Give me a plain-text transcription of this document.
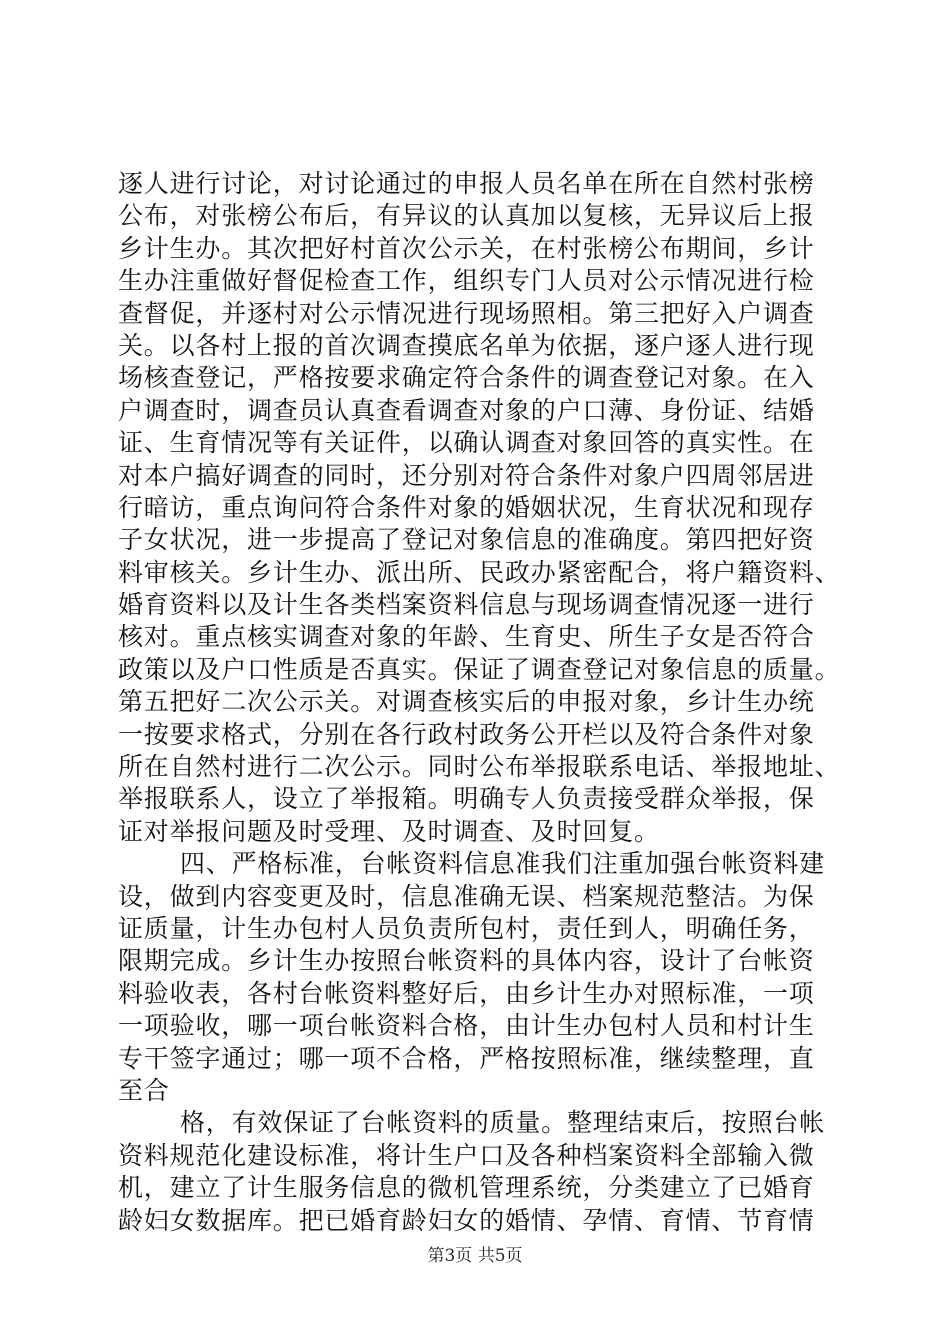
逐人进行讨论，对讨论通过的申报人员名单在所在自然村张榜
公布，对张榜公布后，有异议的认真加以复核，无异议后上报
乡计生办。其次把好村首次公示关，在村张榜公布期间，乡计
生办注重做好督促检查工作，组织专门人员对公示情况进行检
查督促，并逐村对公示情况进行现场照相。第三把好入户调查
关。以各村上报的首次调查摸底名单为依据，逐户逐人进行现
场核查登记，严格按要求确定符合条件的调查登记对象。在入
户调查时，调查员认真查看调查对象的户口薄、身份证、结婚
证、生育情况等有关证件，以确认调查对象回答的真实性。在
对本户搞好调查的同时，还分别对符合条件对象户四周邻居进
行暗访，重点询问符合条件对象的婚姻状况，生育状况和现存
子女状况，进一步提高了登记对象信息的准确度。第四把好资
料审核关。乡计生办、派出所、民政办紧密配合，将户籍资料、
婚育资料以及计生各类档案资料信息与现场调查情况逐一进行
核对。重点核实调查对象的年龄、生育史、所生子女是否符合
政策以及户口性质是否真实。保证了调查登记对象信息的质量。
第五把好二次公示关。对调查核实后的申报对象，乡计生办统
一按要求格式，分别在各行政村政务公开栏以及符合条件对象
所在自然村进行二次公示。同时公布举报联系电话、举报地址、
举报联系人，设立了举报箱。明确专人负责接受群众举报，保
证对举报问题及时受理、及时调查、及时回复。
四、严格标准，台帐资料信息准我们注重加强台帐资料建
设，做到内容变更及时，信息准确无误、档案规范整洁。为保
证质量，计生办包村人员负责所包村，责任到人，明确任务，
限期完成。乡计生办按照台帐资料的具体内容，设计了台帐资
料验收表，各村台帐资料整好后，由乡计生办对照标准，一项
一项验收，哪一项台帐资料合格，由计生办包村人员和村计生
专干签字通过；哪一项不合格，严格按照标准，继续整理，直
至合
格，有效保证了台帐资料的质量。整理结束后，按照台帐
资料规范化建设标准，将计生户口及各种档案资料全部输入微
机，建立了计生服务信息的微机管理系统，分类建立了已婚育
龄妇女数据库。把已婚育龄妇女的婚情、孕情、育情、节育情
第3页 共5页
